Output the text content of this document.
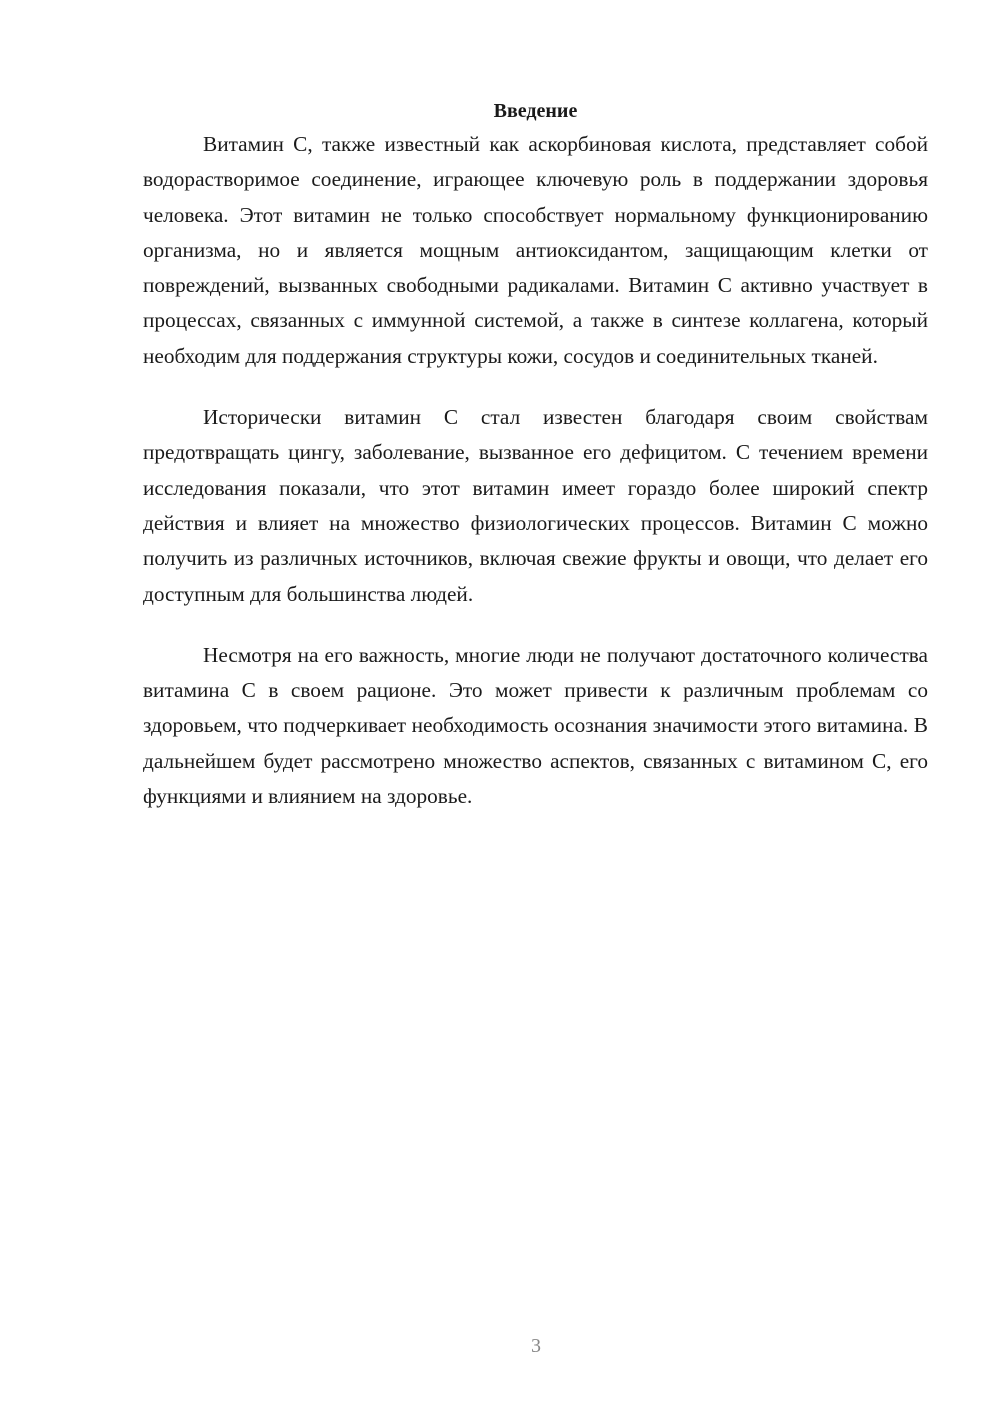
Введение

Витамин C, также известный как аскорбиновая кислота, представляет собой водорастворимое соединение, играющее ключевую роль в поддержании здоровья человека. Этот витамин не только способствует нормальному функционированию организма, но и является мощным антиоксидантом, защищающим клетки от повреждений, вызванных свободными радикалами. Витамин C активно участвует в процессах, связанных с иммунной системой, а также в синтезе коллагена, который необходим для поддержания структуры кожи, сосудов и соединительных тканей.

Исторически витамин C стал известен благодаря своим свойствам предотвращать цингу, заболевание, вызванное его дефицитом. С течением времени исследования показали, что этот витамин имеет гораздо более широкий спектр действия и влияет на множество физиологических процессов. Витамин C можно получить из различных источников, включая свежие фрукты и овощи, что делает его доступным для большинства людей.

Несмотря на его важность, многие люди не получают достаточного количества витамина C в своем рационе. Это может привести к различным проблемам со здоровьем, что подчеркивает необходимость осознания значимости этого витамина. В дальнейшем будет рассмотрено множество аспектов, связанных с витамином C, его функциями и влиянием на здоровье.

3
